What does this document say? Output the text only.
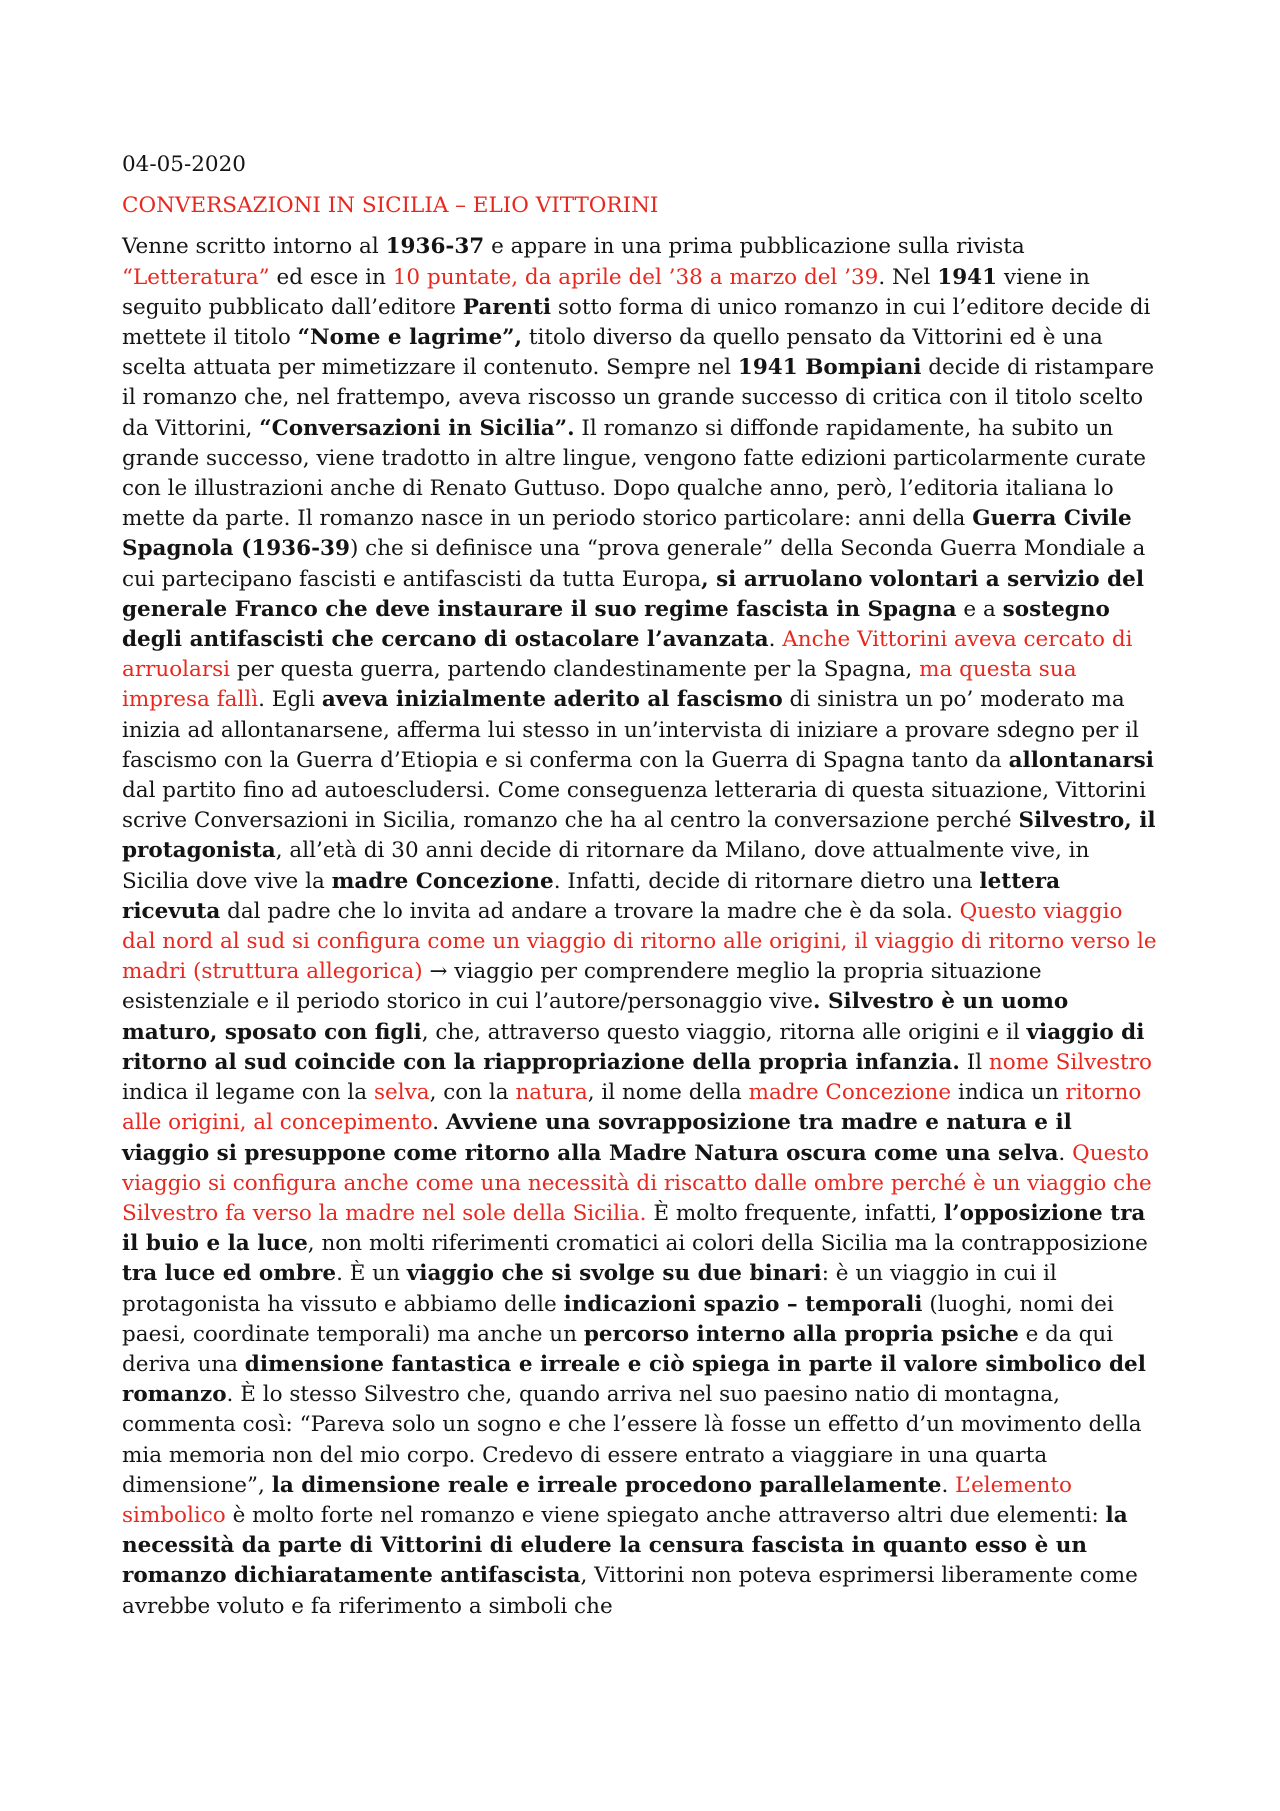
04-05-2020
CONVERSAZIONI IN SICILIA – ELIO VITTORINI

Venne scritto intorno al 1936-37 e appare in una prima pubblicazione sulla rivista “Letteratura” ed esce in 10 puntate, da aprile del ’38 a marzo del ’39. Nel 1941 viene in seguito pubblicato dall’editore Parenti sotto forma di unico romanzo in cui l’editore decide di mettete il titolo “Nome e lagrime”, titolo diverso da quello pensato da Vittorini ed è una scelta attuata per mimetizzare il contenuto. Sempre nel 1941 Bompiani decide di ristampare il romanzo che, nel frattempo, aveva riscosso un grande successo di critica con il titolo scelto da Vittorini, “Conversazioni in Sicilia”. Il romanzo si diffonde rapidamente, ha subito un grande successo, viene tradotto in altre lingue, vengono fatte edizioni particolarmente curate con le illustrazioni anche di Renato Guttuso. Dopo qualche anno, però, l’editoria italiana lo mette da parte. Il romanzo nasce in un periodo storico particolare: anni della Guerra Civile Spagnola (1936-39) che si definisce una “prova generale” della Seconda Guerra Mondiale a cui partecipano fascisti e antifascisti da tutta Europa, si arruolano volontari a servizio del generale Franco che deve instaurare il suo regime fascista in Spagna e a sostegno degli antifascisti che cercano di ostacolare l’avanzata. Anche Vittorini aveva cercato di arruolarsi per questa guerra, partendo clandestinamente per la Spagna, ma questa sua impresa fallì. Egli aveva inizialmente aderito al fascismo di sinistra un po’ moderato ma inizia ad allontanarsene, afferma lui stesso in un’intervista di iniziare a provare sdegno per il fascismo con la Guerra d’Etiopia e si conferma con la Guerra di Spagna tanto da allontanarsi dal partito fino ad autoescludersi. Come conseguenza letteraria di questa situazione, Vittorini scrive Conversazioni in Sicilia, romanzo che ha al centro la conversazione perché Silvestro, il protagonista, all’età di 30 anni decide di ritornare da Milano, dove attualmente vive, in Sicilia dove vive la madre Concezione. Infatti, decide di ritornare dietro una lettera ricevuta dal padre che lo invita ad andare a trovare la madre che è da sola. Questo viaggio dal nord al sud si configura come un viaggio di ritorno alle origini, il viaggio di ritorno verso le madri (struttura allegorica) → viaggio per comprendere meglio la propria situazione esistenziale e il periodo storico in cui l’autore/personaggio vive. Silvestro è un uomo maturo, sposato con figli, che, attraverso questo viaggio, ritorna alle origini e il viaggio di ritorno al sud coincide con la riappropriazione della propria infanzia. Il nome Silvestro indica il legame con la selva, con la natura, il nome della madre Concezione indica un ritorno alle origini, al concepimento. Avviene una sovrapposizione tra madre e natura e il viaggio si presuppone come ritorno alla Madre Natura oscura come una selva. Questo viaggio si configura anche come una necessità di riscatto dalle ombre perché è un viaggio che Silvestro fa verso la madre nel sole della Sicilia. È molto frequente, infatti, l’opposizione tra il buio e la luce, non molti riferimenti cromatici ai colori della Sicilia ma la contrapposizione tra luce ed ombre. È un viaggio che si svolge su due binari: è un viaggio in cui il protagonista ha vissuto e abbiamo delle indicazioni spazio – temporali (luoghi, nomi dei paesi, coordinate temporali) ma anche un percorso interno alla propria psiche e da qui deriva una dimensione fantastica e irreale e ciò spiega in parte il valore simbolico del romanzo. È lo stesso Silvestro che, quando arriva nel suo paesino natio di montagna, commenta così: “Pareva solo un sogno e che l’essere là fosse un effetto d’un movimento della mia memoria non del mio corpo. Credevo di essere entrato a viaggiare in una quarta dimensione”, la dimensione reale e irreale procedono parallelamente. L’elemento simbolico è molto forte nel romanzo e viene spiegato anche attraverso altri due elementi: la necessità da parte di Vittorini di eludere la censura fascista in quanto esso è un romanzo dichiaratamente antifascista, Vittorini non poteva esprimersi liberamente come avrebbe voluto e fa riferimento a simboli che
